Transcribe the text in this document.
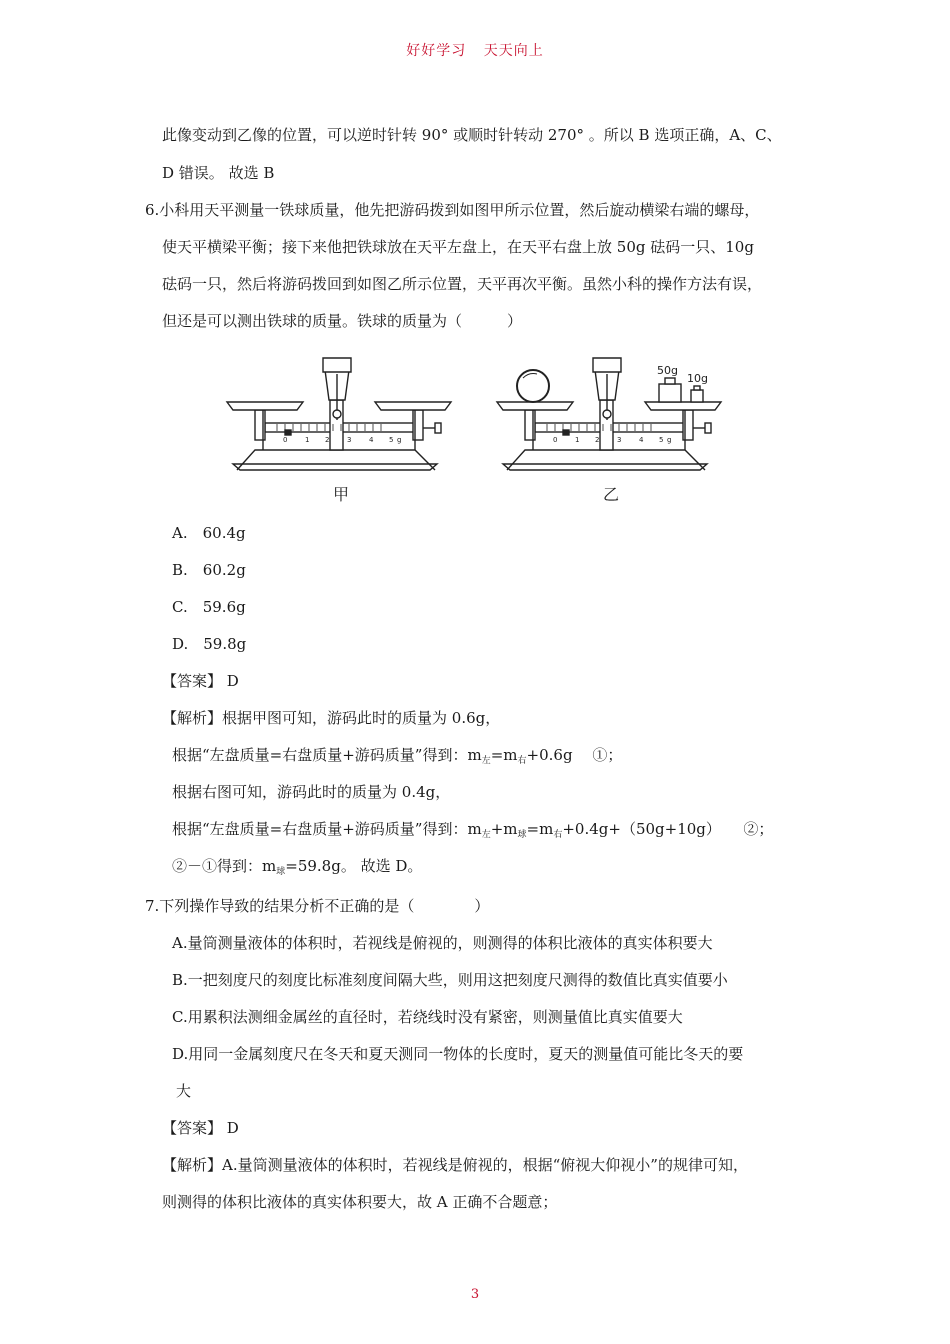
好好学习 天天向上
此像变动到乙像的位置，可以逆时针转 90° 或顺时针转动 270° 。所以 B 选项正确，A、C、
D 错误。 故选 B
6.小科用天平测量一铁球质量，他先把游码拨到如图甲所示位置，然后旋动横梁右端的螺母，
使天平横梁平衡；接下来他把铁球放在天平左盘上，在天平右盘上放 50g 砝码一只、10g
砝码一只，然后将游码拨回到如图乙所示位置，天平再次平衡。虽然小科的操作方法有误，
但还是可以测出铁球的质量。铁球的质量为（　　　）
0	1 2	3	4 5 g
甲
50g
10g
0	1 2	3	4 5 g
乙
A.　60.4g
B.　60.2g
C.　59.6g
D.　59.8g
【答案】 D
【解析】根据甲图可知，游码此时的质量为 0.6g，
根据“左盘质量=右盘质量+游码质量”得到：$m_左=m_右+0.6g$　 ①；
根据右图可知，游码此时的质量为 0.4g，
根据“左盘质量=右盘质量+游码质量”得到：$m_左+m_球=m_右+0.4g+(50g+10g)$　　②；
②－①得到：$m_球=59.8g$。 故选 D。
7.下列操作导致的结果分析不正确的是（　　　　）
A.量筒测量液体的体积时，若视线是俯视的，则测得的体积比液体的真实体积要大
B.一把刻度尺的刻度比标准刻度间隔大些，则用这把刻度尺测得的数值比真实值要小
C.用累积法测细金属丝的直径时，若绕线时没有紧密，则测量值比真实值要大
D.用同一金属刻度尺在冬天和夏天测同一物体的长度时，夏天的测量值可能比冬天的要
大
【答案】 D
【解析】A.量筒测量液体的体积时，若视线是俯视的，根据“俯视大仰视小”的规律可知，
则测得的体积比液体的真实体积要大，故 A 正确不合题意；
3
